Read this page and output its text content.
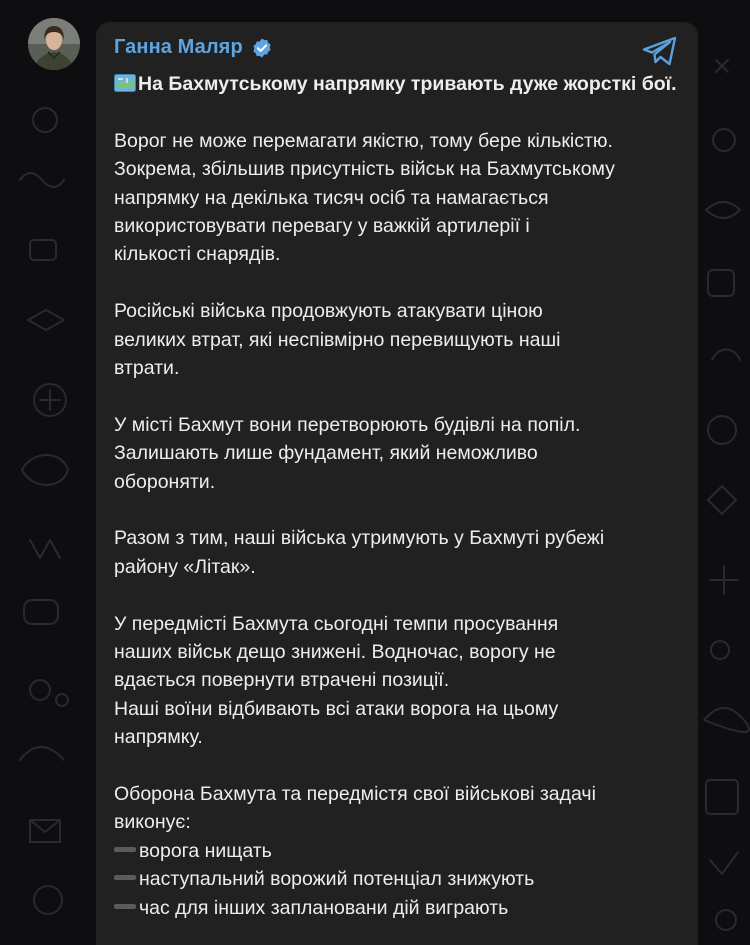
Ганна Маляр

На Бахмутському напрямку тривають дуже жорсткі бої.

Ворог не може перемагати якістю, тому бере кількістю.
Зокрема, збільшив присутність військ на Бахмутському
напрямку на декілька тисяч осіб та намагається
використовувати перевагу у важкій артилерії і
кількості снарядів.

Російські війська продовжують атакувати ціною
великих втрат, які неспівмірно перевищують наші
втрати.

У місті Бахмут вони перетворюють будівлі на попіл.
Залишають лише фундамент, який неможливо
обороняти.

Разом з тим, наші війська утримують у Бахмуті рубежі
району «Літак».

У передмісті Бахмута сьогодні темпи просування
наших військ дещо знижені. Водночас, ворогу не
вдається повернути втрачені позиції.
Наші воїни відбивають всі атаки ворога на цьому
напрямку.

Оборона Бахмута та передмістя свої військові задачі
виконує:

ворога нищать
наступальний ворожий потенціал знижують
час для інших заплановани дій виграють
